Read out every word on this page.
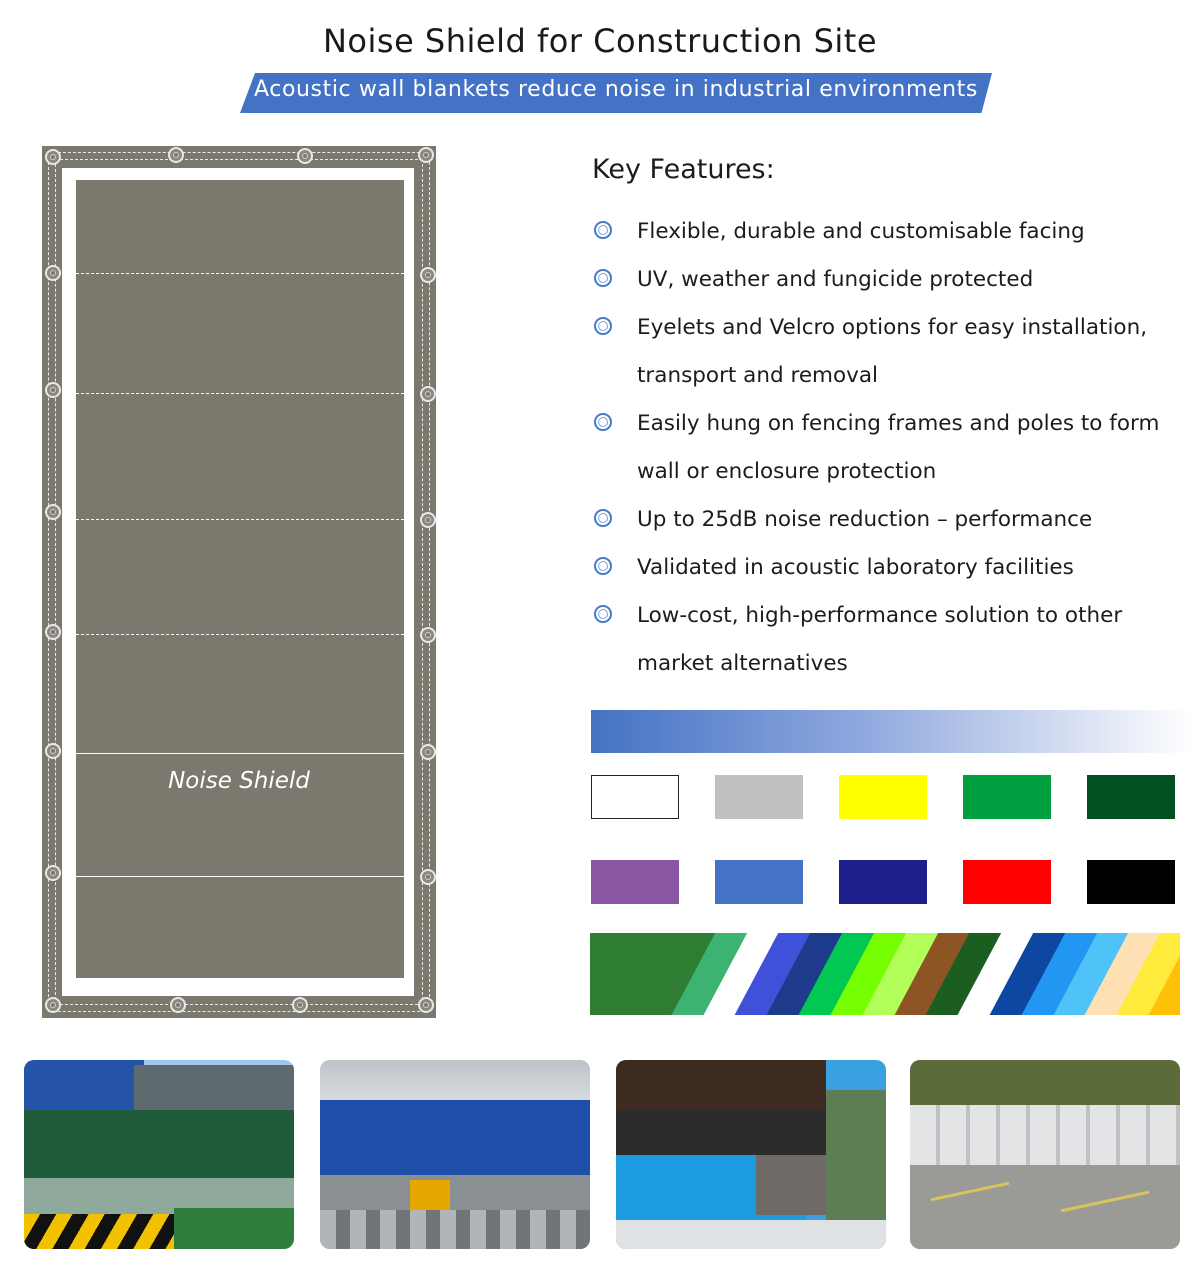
Noise Shield for Construction Site
Acoustic wall blankets reduce noise in industrial environments
Noise Shield
Key Features:
Flexible, durable and customisable facing
UV, weather and fungicide protected
Eyelets and Velcro options for easy installation, transport and removal
Easily hung on fencing frames and poles to form wall or enclosure protection
Up to 25dB noise reduction – performance
Validated in acoustic laboratory facilities
Low-cost, high-performance solution to other market alternatives
